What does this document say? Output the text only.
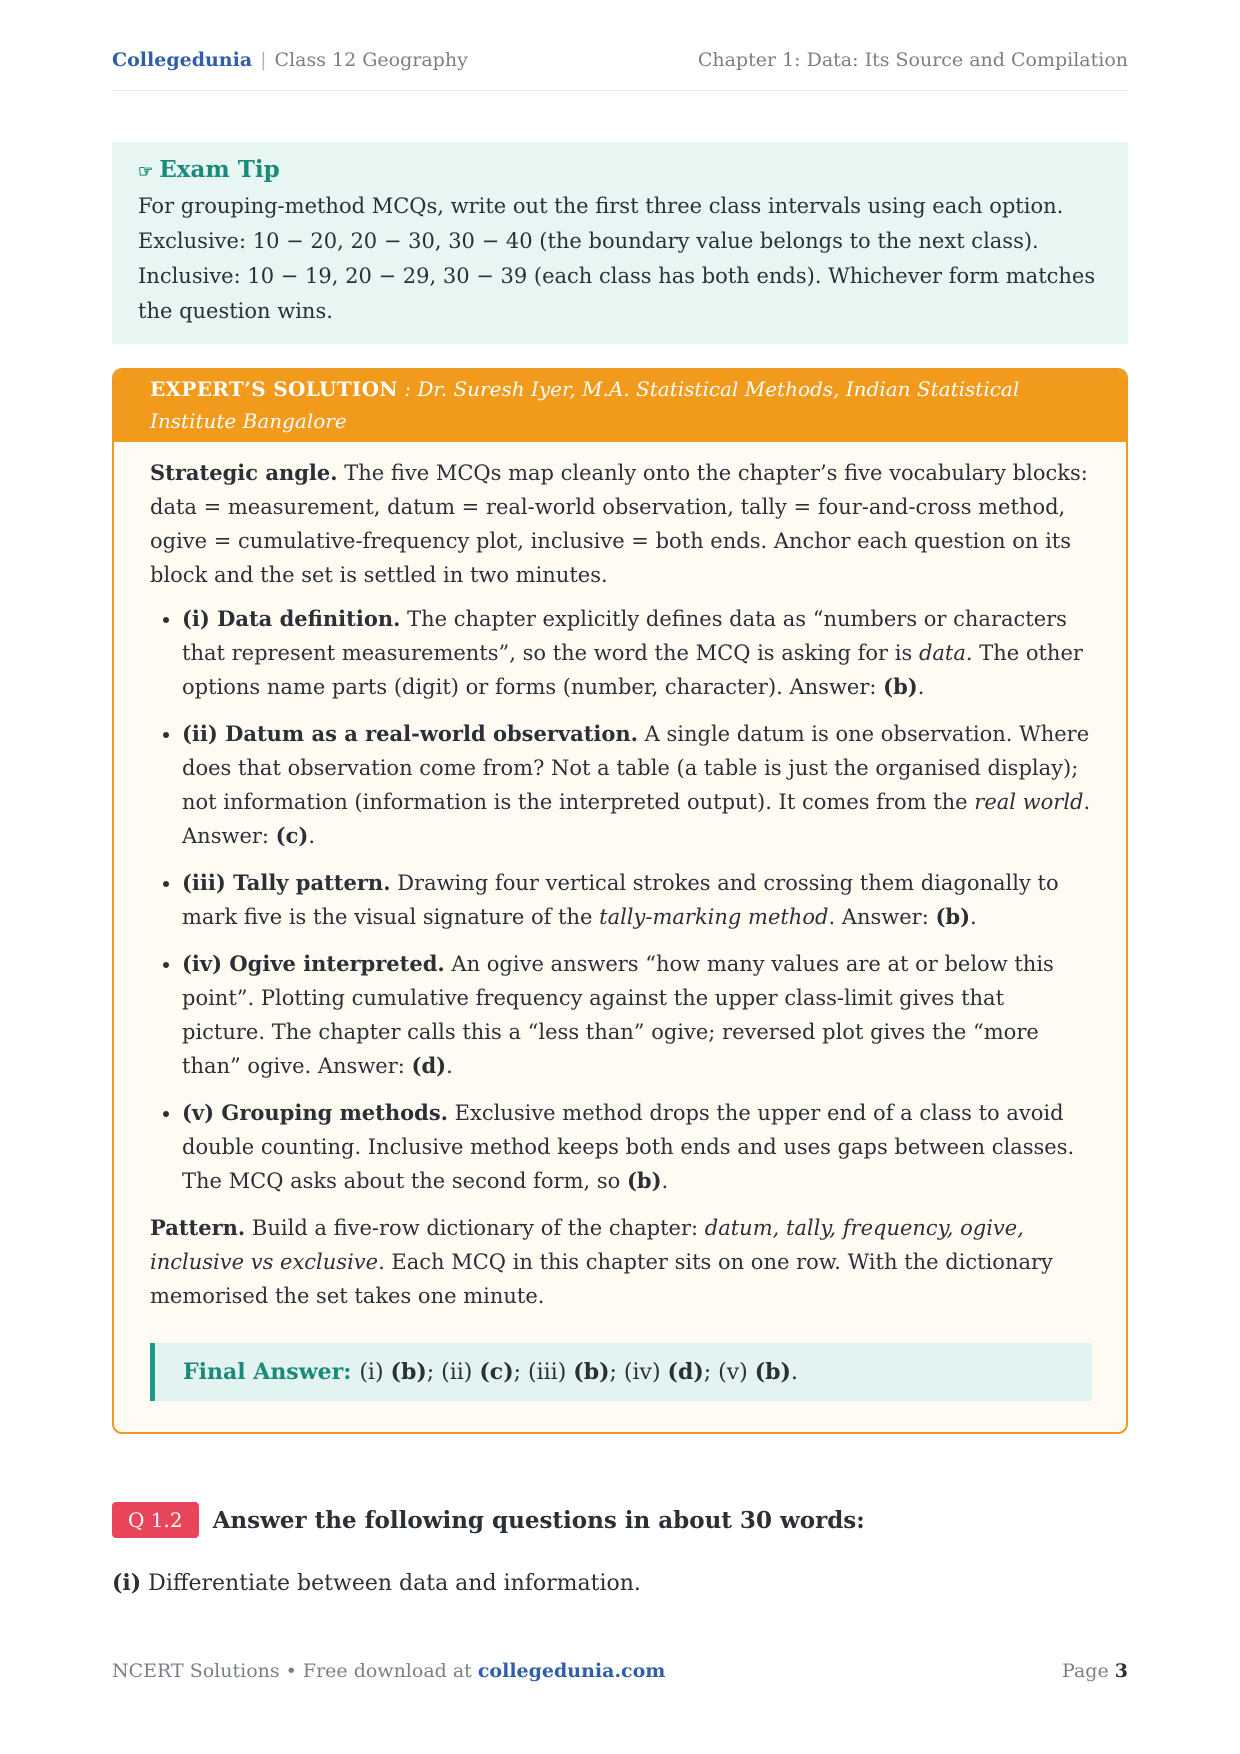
Collegedunia | Class 12 Geography	Chapter 1: Data: Its Source and Compilation
☞ Exam Tip

For grouping-method MCQs, write out the first three class intervals using each option. Exclusive: 10 − 20, 20 − 30, 30 − 40 (the boundary value belongs to the next class). Inclusive: 10 − 19, 20 − 29, 30 − 39 (each class has both ends). Whichever form matches the question wins.

EXPERT’S SOLUTION : Dr. Suresh Iyer, M.A. Statistical Methods, Indian Statistical Institute Bangalore

Strategic angle. The five MCQs map cleanly onto the chapter’s five vocabulary blocks: data = measurement, datum = real-world observation, tally = four-and-cross method, ogive = cumulative-frequency plot, inclusive = both ends. Anchor each question on its block and the set is settled in two minutes.

• (i) Data definition. The chapter explicitly defines data as “numbers or characters that represent measurements”, so the word the MCQ is asking for is data. The other options name parts (digit) or forms (number, character). Answer: (b).
• (ii) Datum as a real-world observation. A single datum is one observation. Where does that observation come from? Not a table (a table is just the organised display); not information (information is the interpreted output). It comes from the real world. Answer: (c).
• (iii) Tally pattern. Drawing four vertical strokes and crossing them diagonally to mark five is the visual signature of the tally-marking method. Answer: (b).
• (iv) Ogive interpreted. An ogive answers “how many values are at or below this point”. Plotting cumulative frequency against the upper class-limit gives that picture. The chapter calls this a “less than” ogive; reversed plot gives the “more than” ogive. Answer: (d).
• (v) Grouping methods. Exclusive method drops the upper end of a class to avoid double counting. Inclusive method keeps both ends and uses gaps between classes. The MCQ asks about the second form, so (b).

Pattern. Build a five-row dictionary of the chapter: datum, tally, frequency, ogive, inclusive vs exclusive. Each MCQ in this chapter sits on one row. With the dictionary memorised the set takes one minute.

Final Answer: (i) (b); (ii) (c); (iii) (b); (iv) (d); (v) (b).
Q 1.2	Answer the following questions in about 30 words:
(i) Differentiate between data and information.
NCERT Solutions • Free download at collegedunia.com	Page 3
